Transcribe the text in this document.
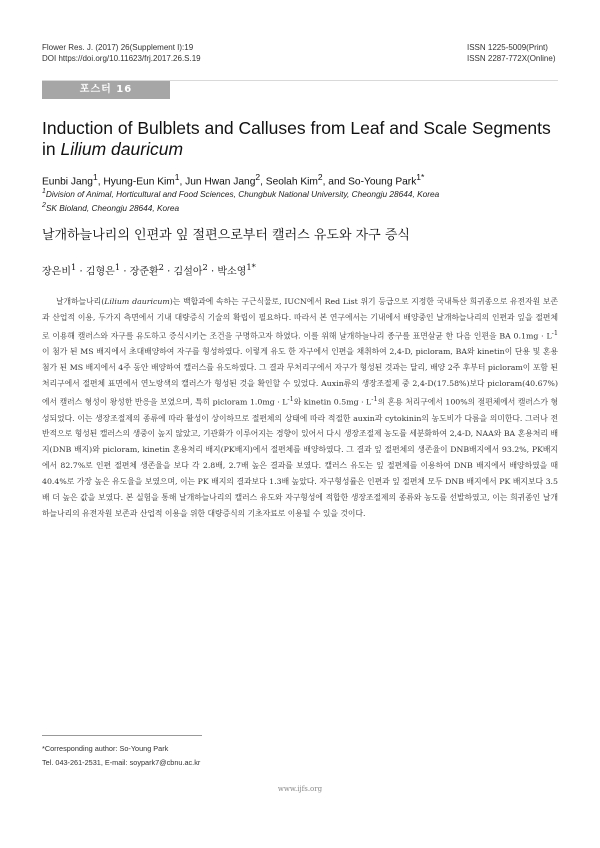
Flower Res. J. (2017) 26(Supplement I):19
DOI https://doi.org/10.11623/frj.2017.26.S.19
ISSN 1225-5009(Print)
ISSN 2287-772X(Online)
포스터 16
Induction of Bulblets and Calluses from Leaf and Scale Segments in Lilium dauricum
Eunbi Jang$^1$, Hyung-Eun Kim$^1$, Jun Hwan Jang$^2$, Seolah Kim$^2$, and So-Young Park$^{1*}$
$^1$Division of Animal, Horticultural and Food Sciences, Chungbuk National University, Cheongju 28644, Korea
$^2$SK Bioland, Cheongju 28644, Korea
날개하늘나리의 인편과 잎 절편으로부터 캘러스 유도와 자구 증식
장은비$^1$ · 김형은$^1$ · 장준환$^2$ · 김설아$^2$ · 박소영$^{1*}$

날개하늘나리(Lilium dauricum)는 백합과에 속하는 구근식물로, IUCN에서 Red List 위기 등급으로 지정한 국내특산 희귀종으로 유전자원 보존과 산업적 이용, 두가지 측면에서 기내 대량증식 기술의 확립이 필요하다. 따라서 본 연구에서는 기내에서 배양중인 날개하늘나리의 인편과 잎을 절편체로 이용해 캘러스와 자구를 유도하고 증식시키는 조건을 구명하고자 하였다. 이를 위해 날개하늘나리 종구를 표면살균 한 다음 인편을 BA $0.1mg \cdot L^{-1}$이 첨가 된 MS 배지에서 초대배양하여 자구를 형성하였다. 이렇게 유도 한 자구에서 인편을 채취하여 2,4-D, picloram, BA와 kinetin이 단용 및 혼용 첨가 된 MS 배지에서 4주 동안 배양하여 캘러스를 유도하였다. 그 결과 무처리구에서 자구가 형성된 것과는 달리, 배양 2주 후부터 picloram이 포함 된 처리구에서 절편체 표면에서 연노랑색의 캘러스가 형성된 것을 확인할 수 있었다. Auxin류의 생장조절제 중 2,4-D(17.58%)보다 picloram(40.67%)에서 캘러스 형성이 왕성한 반응을 보였으며, 특히 picloram $1.0mg \cdot L^{-1}$와 kinetin $0.5mg \cdot L^{-1}$의 혼용 처리구에서 100%의 절편체에서 캘러스가 형성되었다. 이는 생장조절제의 종류에 따라 활성이 상이하므로 절편체의 상태에 따라 적절한 auxin과 cytokinin의 농도비가 다름을 의미한다. 그러나 전반적으로 형성된 캘러스의 생중이 높지 않았고, 기관화가 이루어지는 경향이 있어서 다시 생장조절제 농도를 세분화하여 2,4-D, NAA와 BA 혼용처리 배지(DNB 배지)와 picloram, kinetin 혼용처리 배지(PK배지)에서 절편체를 배양하였다. 그 결과 잎 절편체의 생존율이 DNB배지에서 93.2%, PK배지에서 82.7%로 인편 절편체 생존율을 보다 각 2.8배, 2.7배 높은 결과를 보였다. 캘러스 유도는 잎 절편체를 이용하여 DNB 배지에서 배양하였을 때 40.4%로 가장 높은 유도율을 보였으며, 이는 PK 배지의 결과보다 1.3배 높았다. 자구형성률은 인편과 잎 절편체 모두 DNB 배지에서 PK 배지보다 3.5배 더 높은 값을 보였다. 본 실험을 통해 날개하늘나리의 캘러스 유도와 자구형성에 적합한 생장조절제의 종류와 농도를 선발하였고, 이는 희귀종인 날개하늘나리의 유전자원 보존과 산업적 이용을 위한 대량증식의 기초자료로 이용될 수 있을 것이다.

*Corresponding author: So-Young Park
Tel. 043-261-2531, E-mail: soypark7@cbnu.ac.kr
www.ijfs.org
